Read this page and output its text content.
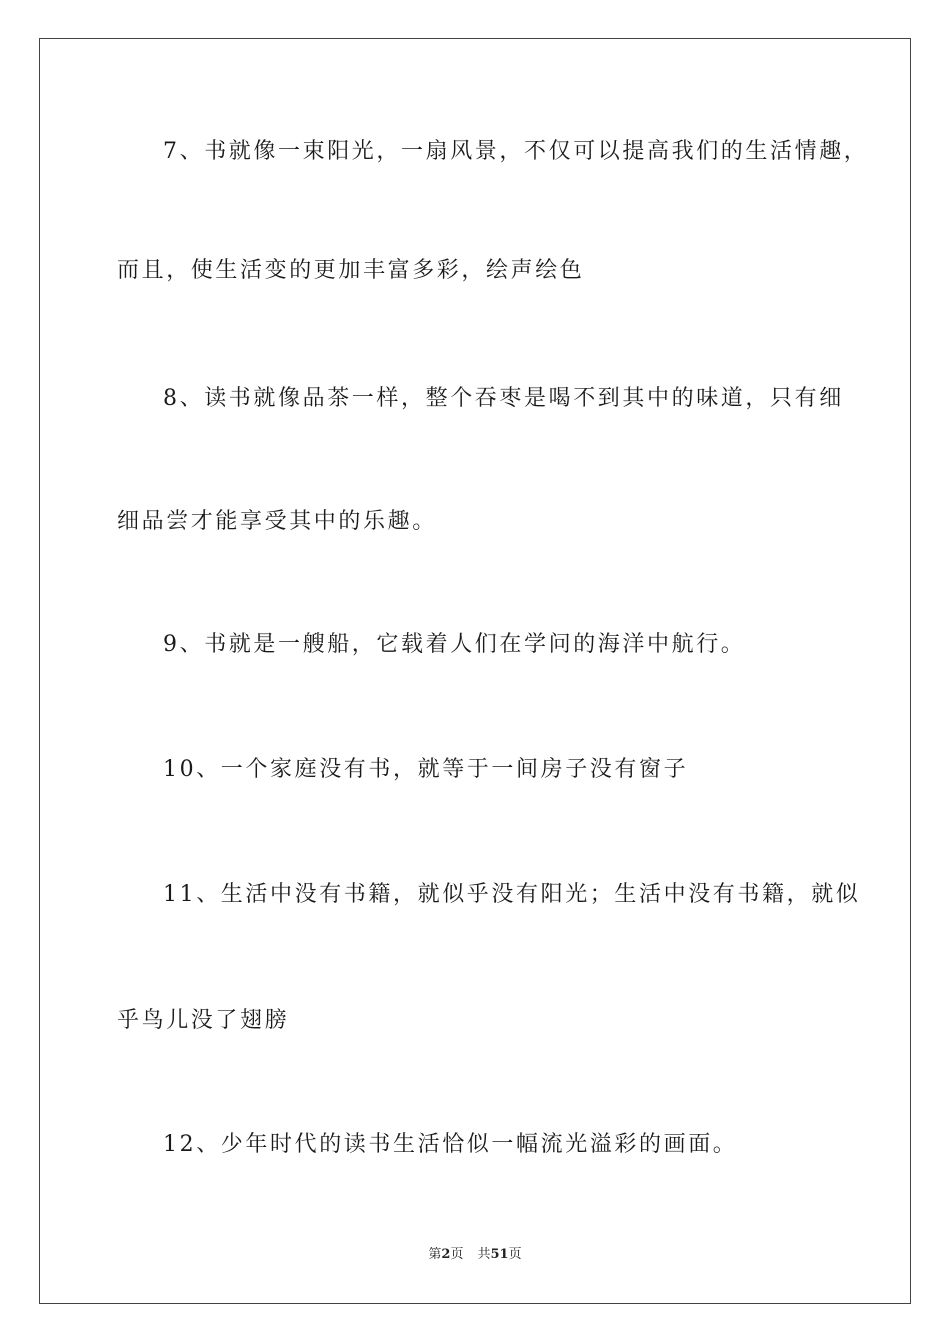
7、书就像一束阳光，一扇风景，不仅可以提高我们的生活情趣，
而且，使生活变的更加丰富多彩，绘声绘色
8、读书就像品茶一样，整个吞枣是喝不到其中的味道，只有细
细品尝才能享受其中的乐趣。
9、书就是一艘船，它载着人们在学问的海洋中航行。
10、一个家庭没有书，就等于一间房子没有窗子
11、生活中没有书籍，就似乎没有阳光；生活中没有书籍，就似
乎鸟儿没了翅膀
12、少年时代的读书生活恰似一幅流光溢彩的画面。
第2页 共51页
